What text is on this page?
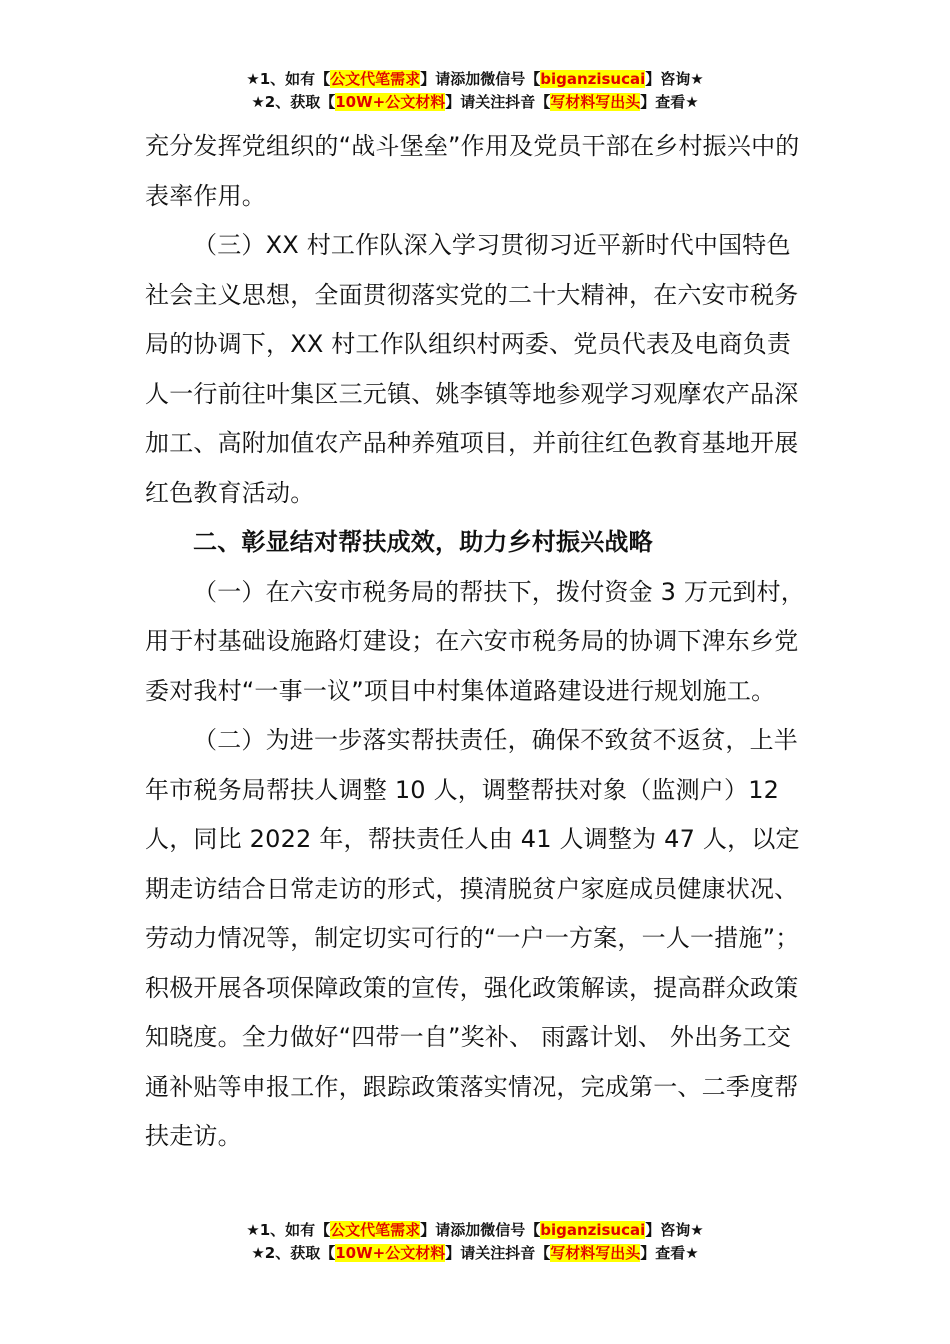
★1、如有【公文代笔需求】请添加微信号【biganzisucai】咨询★
★2、获取【10W+公文材料】请关注抖音【写材料写出头】查看★

充分发挥党组织的“战斗堡垒”作用及党员干部在乡村振兴中的表率作用。

（三）XX 村工作队深入学习贯彻习近平新时代中国特色社会主义思想，全面贯彻落实党的二十大精神，在六安市税务局的协调下，XX 村工作队组织村两委、党员代表及电商负责人一行前往叶集区三元镇、姚李镇等地参观学习观摩农产品深加工、高附加值农产品种养殖项目，并前往红色教育基地开展红色教育活动。

二、彰显结对帮扶成效，助力乡村振兴战略

（一）在六安市税务局的帮扶下，拨付资金 3 万元到村，用于村基础设施路灯建设；在六安市税务局的协调下渒东乡党委对我村“一事一议”项目中村集体道路建设进行规划施工。

（二）为进一步落实帮扶责任，确保不致贫不返贫，上半年市税务局帮扶人调整 10 人，调整帮扶对象（监测户）12 人，同比 2022 年，帮扶责任人由 41 人调整为 47 人，以定期走访结合日常走访的形式，摸清脱贫户家庭成员健康状况、劳动力情况等，制定切实可行的“一户一方案，一人一措施”；积极开展各项保障政策的宣传，强化政策解读，提高群众政策知晓度。全力做好“四带一自”奖补、 雨露计划、 外出务工交通补贴等申报工作，跟踪政策落实情况，完成第一、二季度帮扶走访。

★1、如有【公文代笔需求】请添加微信号【biganzisucai】咨询★
★2、获取【10W+公文材料】请关注抖音【写材料写出头】查看★
